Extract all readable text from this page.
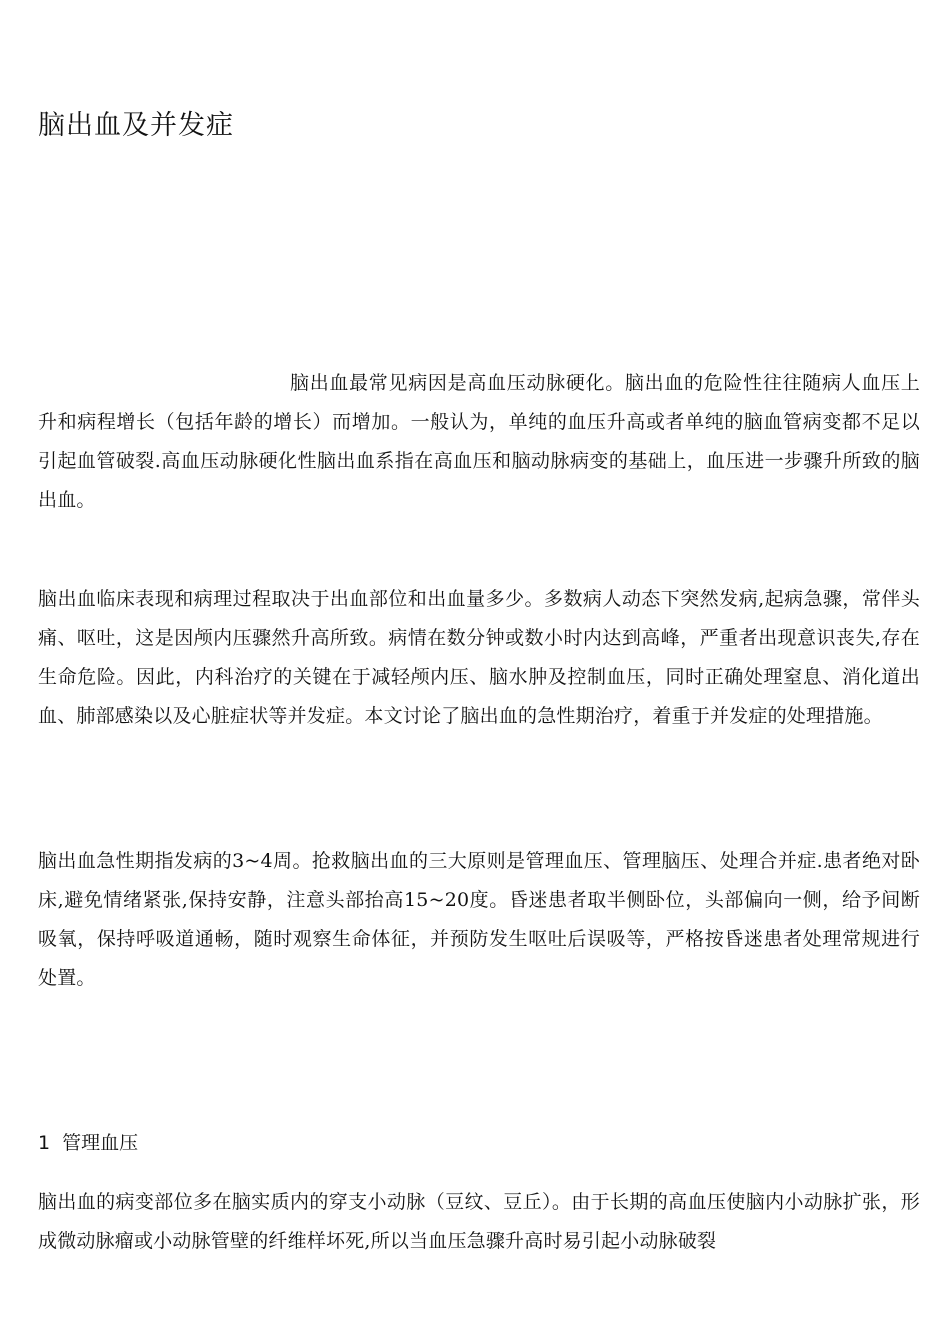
脑出血及并发症

脑出血最常见病因是高血压动脉硬化。脑出血的危险性往往随病人血压上升和病程增长（包括年龄的增长）而增加。一般认为，单纯的血压升高或者单纯的脑血管病变都不足以引起血管破裂.高血压动脉硬化性脑出血系指在高血压和脑动脉病变的基础上，血压进一步骤升所致的脑出血。

脑出血临床表现和病理过程取决于出血部位和出血量多少。多数病人动态下突然发病,起病急骤，常伴头痛、呕吐，这是因颅内压骤然升高所致。病情在数分钟或数小时内达到高峰，严重者出现意识丧失,存在生命危险。因此，内科治疗的关键在于减轻颅内压、脑水肿及控制血压，同时正确处理窒息、消化道出血、肺部感染以及心脏症状等并发症。本文讨论了脑出血的急性期治疗，着重于并发症的处理措施。

脑出血急性期指发病的3~4周。抢救脑出血的三大原则是管理血压、管理脑压、处理合并症.患者绝对卧床,避免情绪紧张,保持安静，注意头部抬高15~20度。昏迷患者取半侧卧位，头部偏向一侧，给予间断吸氧，保持呼吸道通畅，随时观察生命体征，并预防发生呕吐后误吸等，严格按昏迷患者处理常规进行处置。

1 管理血压

脑出血的病变部位多在脑实质内的穿支小动脉（豆纹、豆丘）。由于长期的高血压使脑内小动脉扩张，形成微动脉瘤或小动脉管壁的纤维样坏死,所以当血压急骤升高时易引起小动脉破裂
